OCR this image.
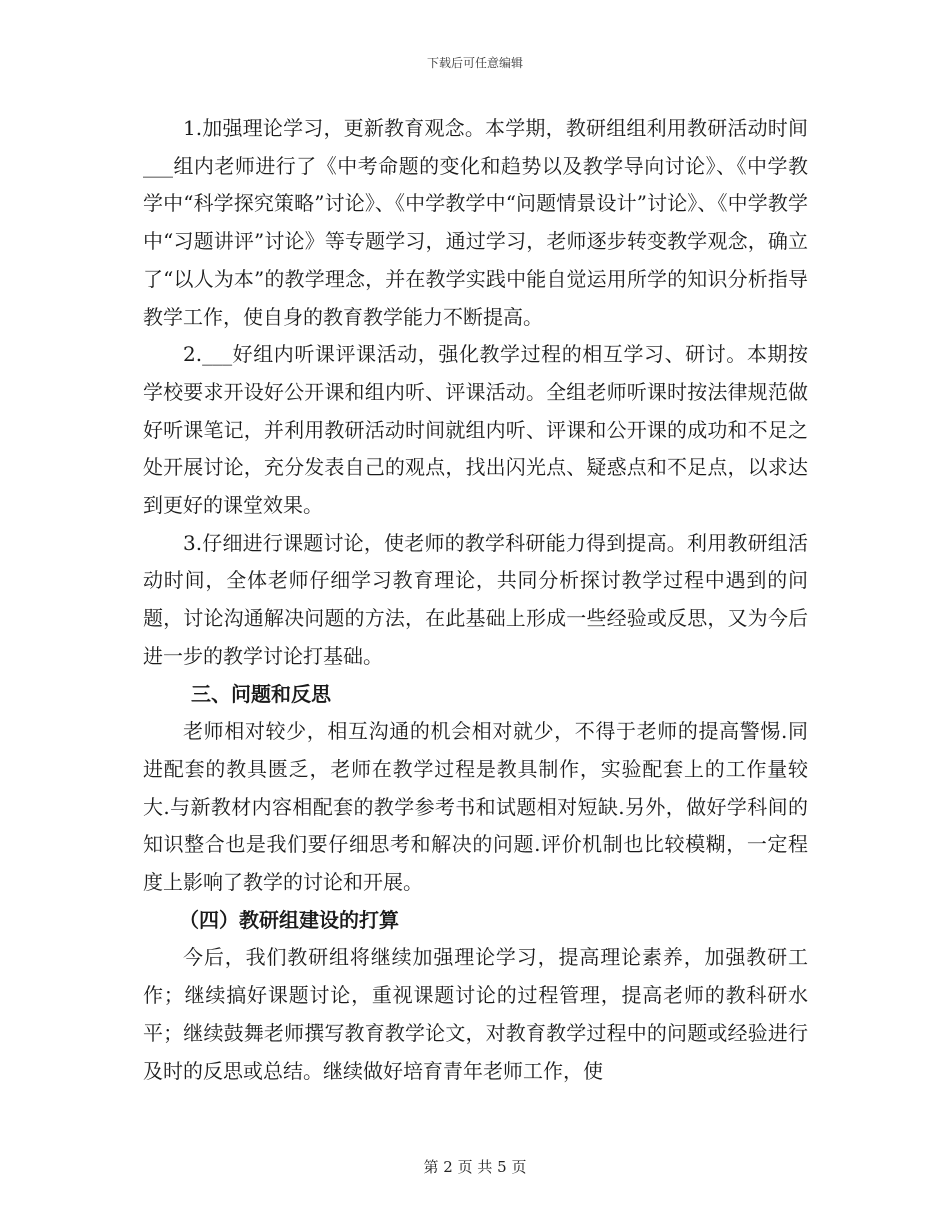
下载后可任意编辑

1.加强理论学习，更新教育观念。本学期，教研组组利用教研活动时间___组内老师进行了《中考命题的变化和趋势以及教学导向讨论》、《中学教学中“科学探究策略”讨论》、《中学教学中“问题情景设计”讨论》、《中学教学中“习题讲评”讨论》等专题学习，通过学习，老师逐步转变教学观念，确立了“以人为本”的教学理念，并在教学实践中能自觉运用所学的知识分析指导教学工作，使自身的教育教学能力不断提高。

2.___好组内听课评课活动，强化教学过程的相互学习、研讨。本期按学校要求开设好公开课和组内听、评课活动。全组老师听课时按法律规范做好听课笔记，并利用教研活动时间就组内听、评课和公开课的成功和不足之处开展讨论，充分发表自己的观点，找出闪光点、疑惑点和不足点，以求达到更好的课堂效果。

3.仔细进行课题讨论，使老师的教学科研能力得到提高。利用教研组活动时间，全体老师仔细学习教育理论，共同分析探讨教学过程中遇到的问题，讨论沟通解决问题的方法，在此基础上形成一些经验或反思，又为今后进一步的教学讨论打基础。

三、问题和反思

老师相对较少，相互沟通的机会相对就少，不得于老师的提高警惕.同进配套的教具匮乏，老师在教学过程是教具制作，实验配套上的工作量较大.与新教材内容相配套的教学参考书和试题相对短缺.另外，做好学科间的知识整合也是我们要仔细思考和解决的问题.评价机制也比较模糊，一定程度上影响了教学的讨论和开展。

（四）教研组建设的打算

今后，我们教研组将继续加强理论学习，提高理论素养，加强教研工作；继续搞好课题讨论，重视课题讨论的过程管理，提高老师的教科研水平；继续鼓舞老师撰写教育教学论文，对教育教学过程中的问题或经验进行及时的反思或总结。继续做好培育青年老师工作，使

第 2 页 共 5 页
